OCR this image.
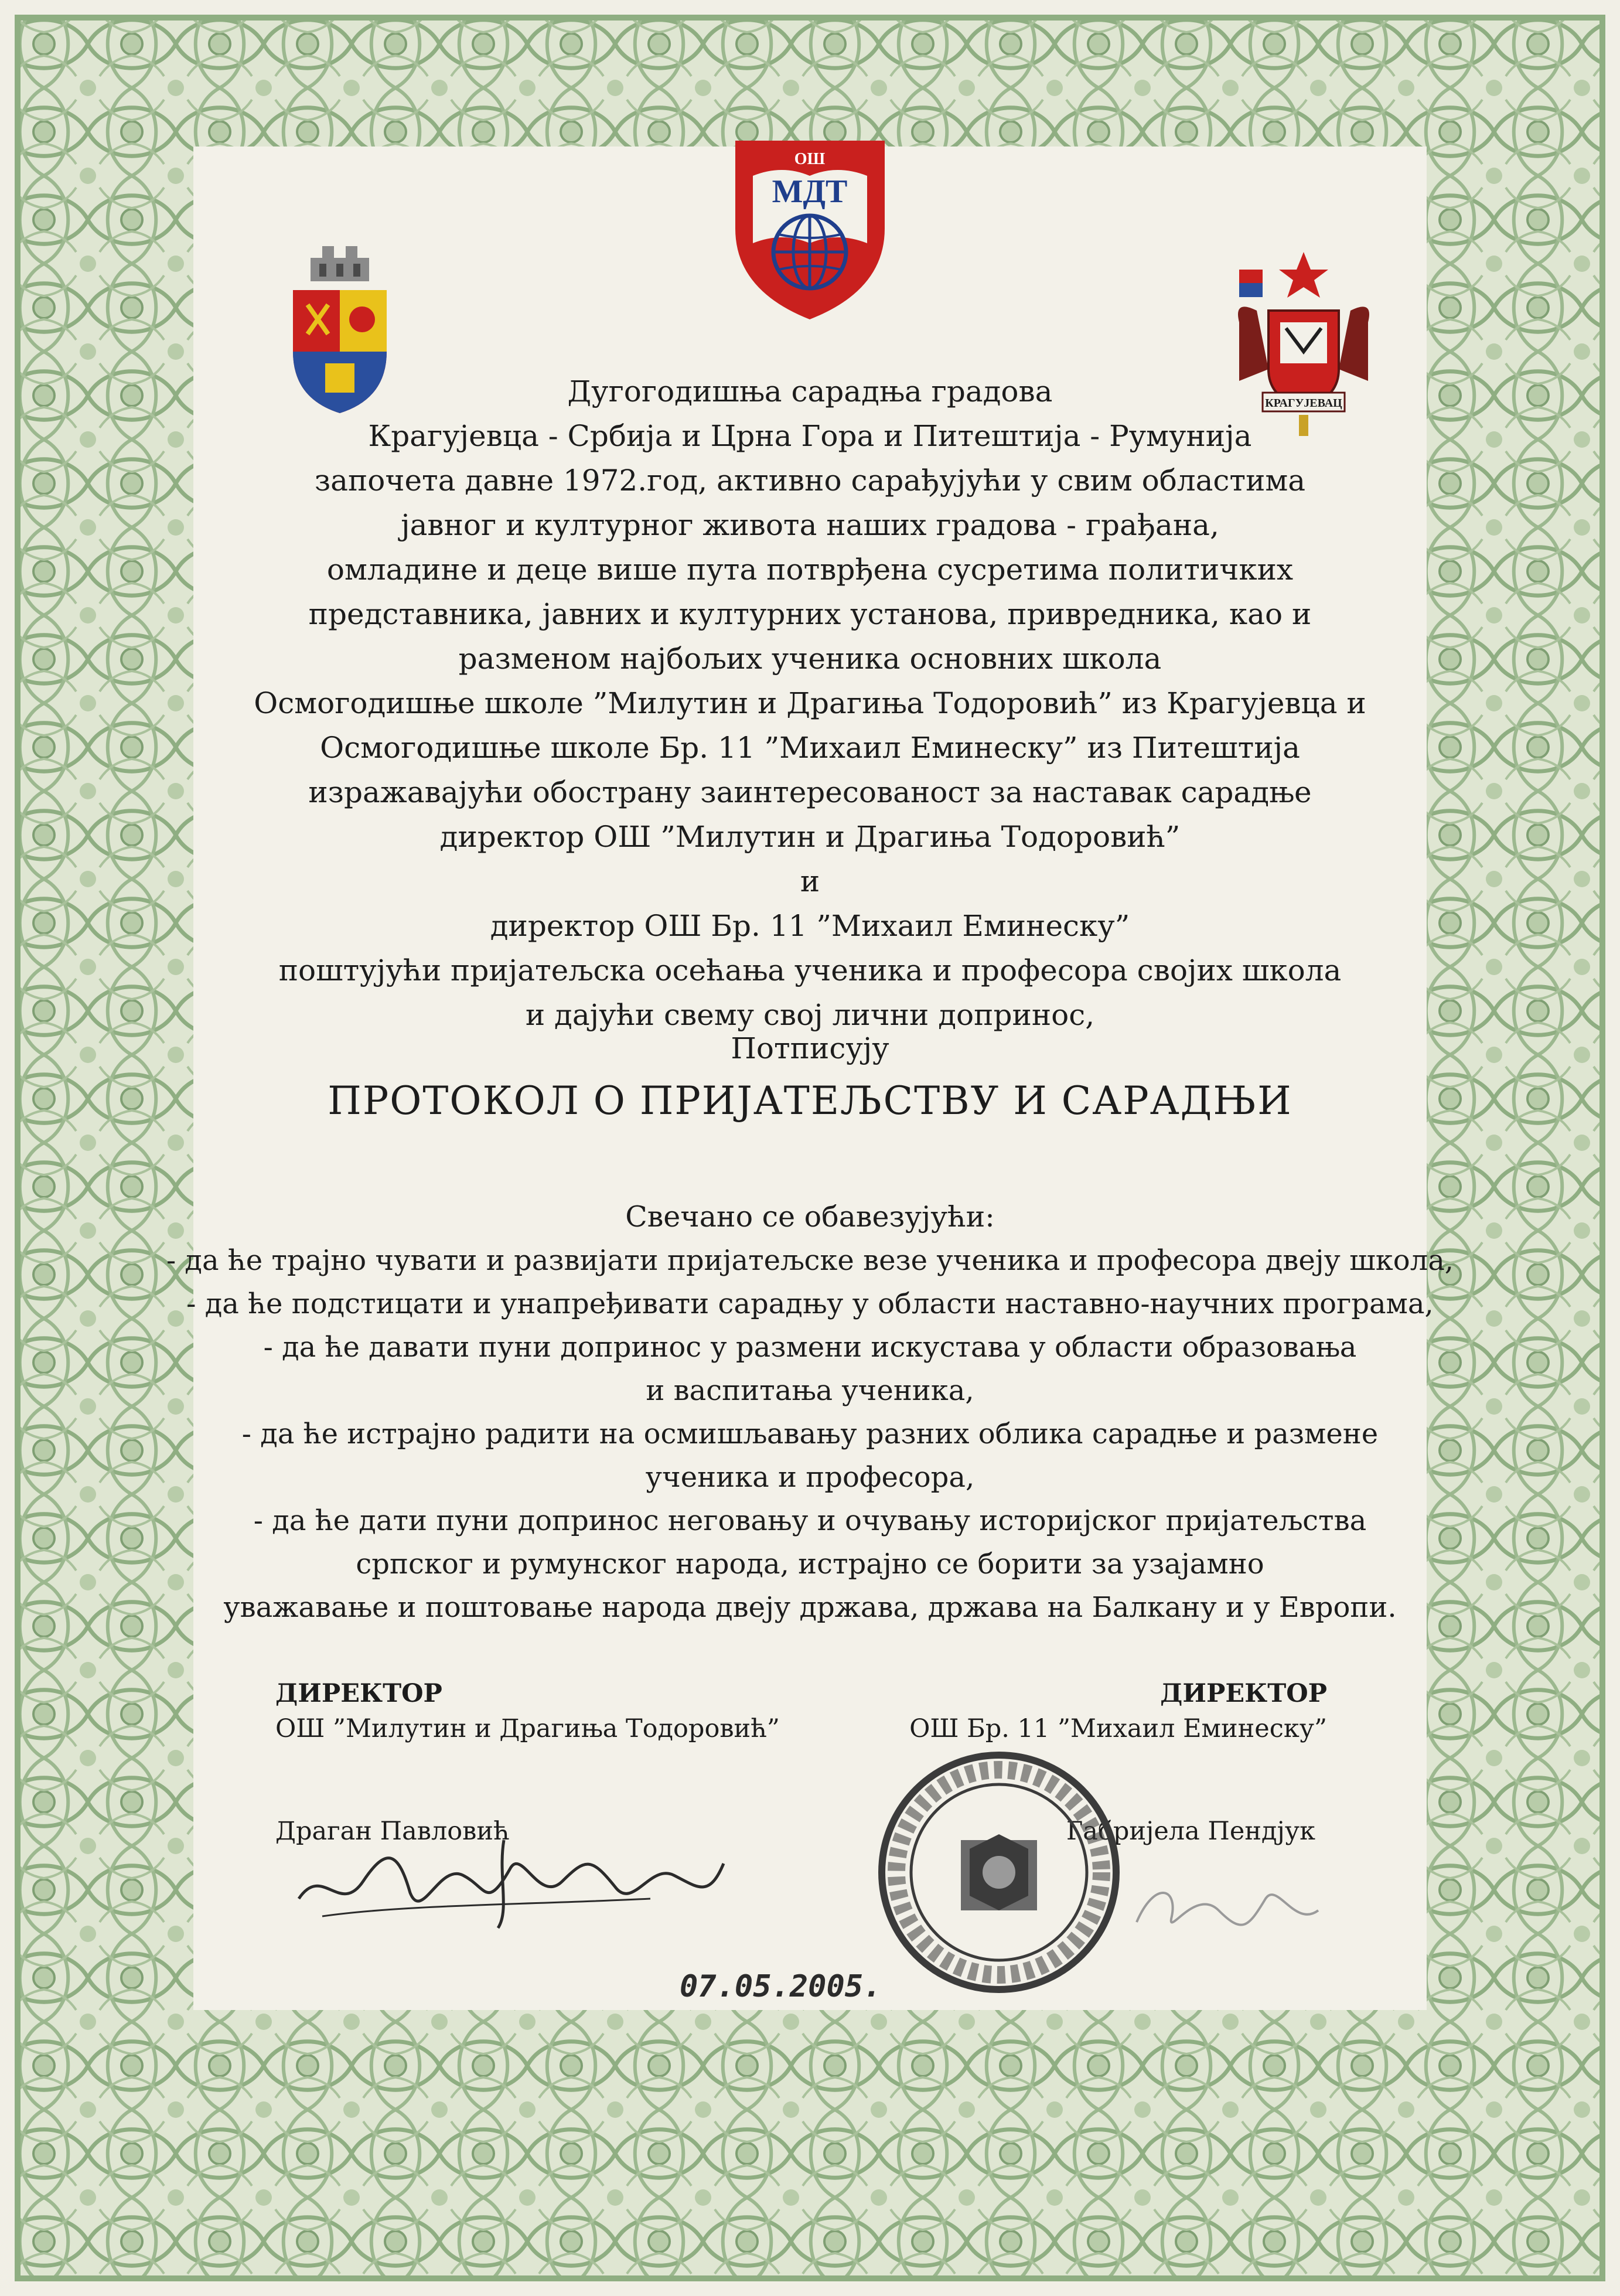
ОШ
МДТ
КРАГУЈЕВАЦ
Дугогодишња сарадња градова
Крагујевца - Србија и Црна Гора и Питештија - Румунија
започета давне 1972.год, активно сарађујући у свим областима
јавног и културног живота наших градова - грађана,
омладине и деце више пута потврђена сусретима политичких
представника, јавних и културних установа, привредника, као и
разменом најбољих ученика основних школа
Осмогодишње школе ”Милутин и Драгиња Тодоровић” из Крагујевца и
Осмогодишње школе Бр. 11 ”Михаил Еминеску” из Питештија
изражавајући обострану заинтересованост за наставак сарадње
директор ОШ ”Милутин и Драгиња Тодоровић”
и
директор ОШ Бр. 11 ”Михаил Еминеску”
поштујући пријатељска осећања ученика и професора својих школа
и дајући свему свој лични допринос,
Потписују
ПРОТОКОЛ О ПРИЈАТЕЉСТВУ И САРАДЊИ
Свечано се обавезујући:
- да ће трајно чувати и развијати пријатељске везе ученика и професора двеју школа,
- да ће подстицати и унапређивати сарадњу у области наставно-научних програма,
- да ће давати пуни допринос у размени искустава у области образовања
и васпитања ученика,
- да ће истрајно радити на осмишљавању разних облика сарадње и размене
ученика и професора,
- да ће дати пуни допринос неговању и очувању историјског пријатељства
српског и румунског народа, истрајно се борити за узајамно
уважавање и поштовање народа двеју држава, држава на Балкану и у Европи.
ДИРЕКТОР
ОШ ”Милутин и Драгиња Тодоровић”
Драган Павловић
ДИРЕКТОР
ОШ Бр. 11 ”Михаил Еминеску”
Габријела Пендјук
07.05.2005.
